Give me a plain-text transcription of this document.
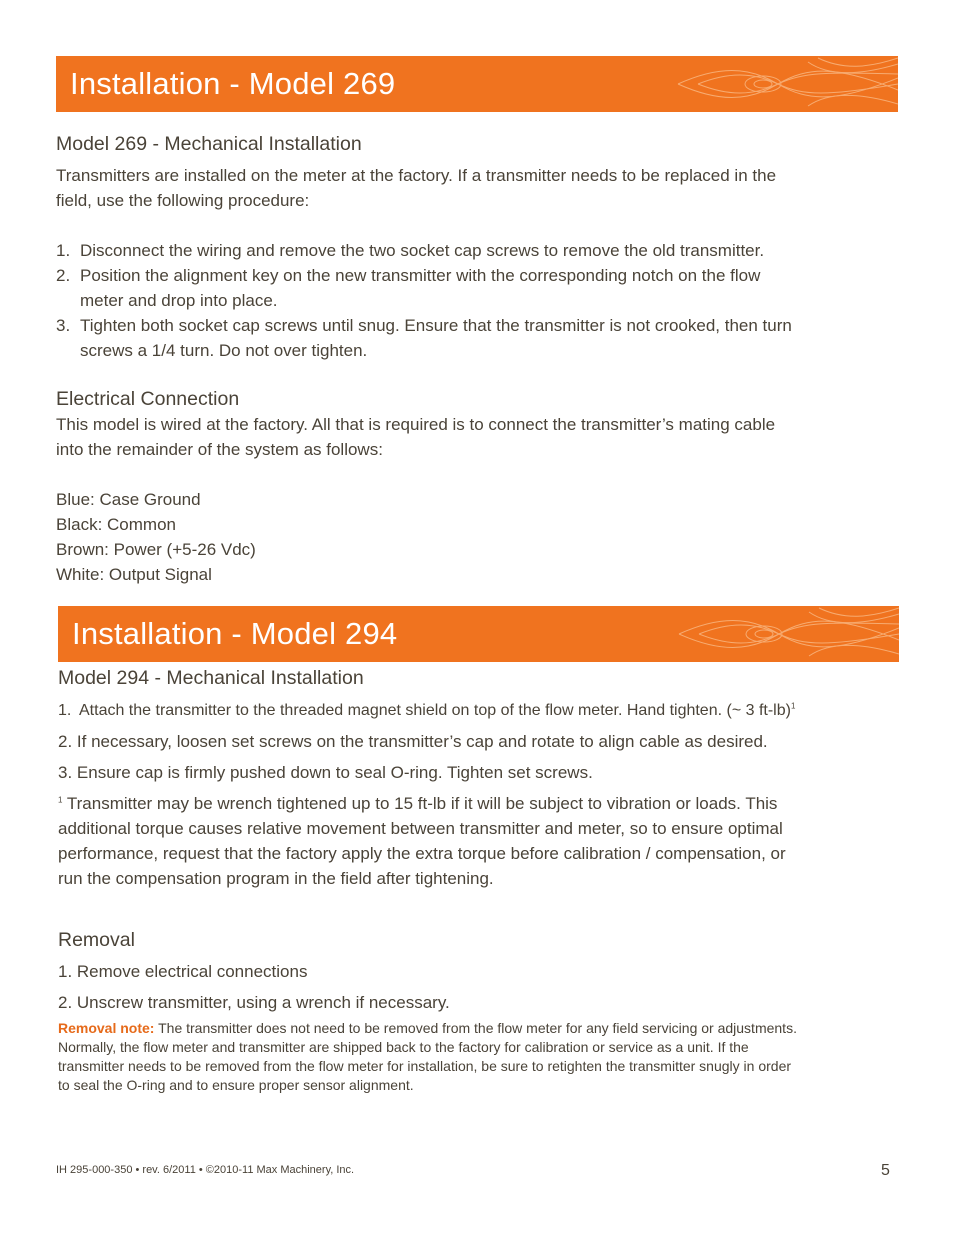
Installation - Model 269
Model 269 - Mechanical Installation

Transmitters are installed on the meter at the factory. If a transmitter needs to be replaced in the

field, use the following procedure:

1. Disconnect the wiring and remove the two socket cap screws to remove the old transmitter.
2. Position the alignment key on the new transmitter with the corresponding notch on the flow
meter and drop into place.
3. Tighten both socket cap screws until snug. Ensure that the transmitter is not crooked, then turn
screws a 1/4 turn. Do not over tighten.
Electrical Connection

This model is wired at the factory. All that is required is to connect the transmitter’s mating cable

into the remainder of the system as follows:

Blue: Case Ground

Black: Common

Brown: Power (+5-26 Vdc)

White: Output Signal

Installation - Model 294
Model 294 - Mechanical Installation
1. Attach the transmitter to the threaded magnet shield on top of the flow meter. Hand tighten. (~ 3 ft-lb)$^1$

2. If necessary, loosen set screws on the transmitter’s cap and rotate to align cable as desired.

3. Ensure cap is firmly pushed down to seal O-ring. Tighten set screws.

$^1$ Transmitter may be wrench tightened up to 15 ft-lb if it will be subject to vibration or loads. This

additional torque causes relative movement between transmitter and meter, so to ensure optimal

performance, request that the factory apply the extra torque before calibration / compensation, or

run the compensation program in the field after tightening.

Removal

1. Remove electrical connections

2. Unscrew transmitter, using a wrench if necessary.

Removal note: The transmitter does not need to be removed from the flow meter for any field servicing or adjustments.

Normally, the flow meter and transmitter are shipped back to the factory for calibration or service as a unit. If the

transmitter needs to be removed from the flow meter for installation, be sure to retighten the transmitter snugly in order

to seal the O-ring and to ensure proper sensor alignment.

IH 295-000-350 • rev. 6/2011 • ©2010-11 Max Machinery, Inc.	5
